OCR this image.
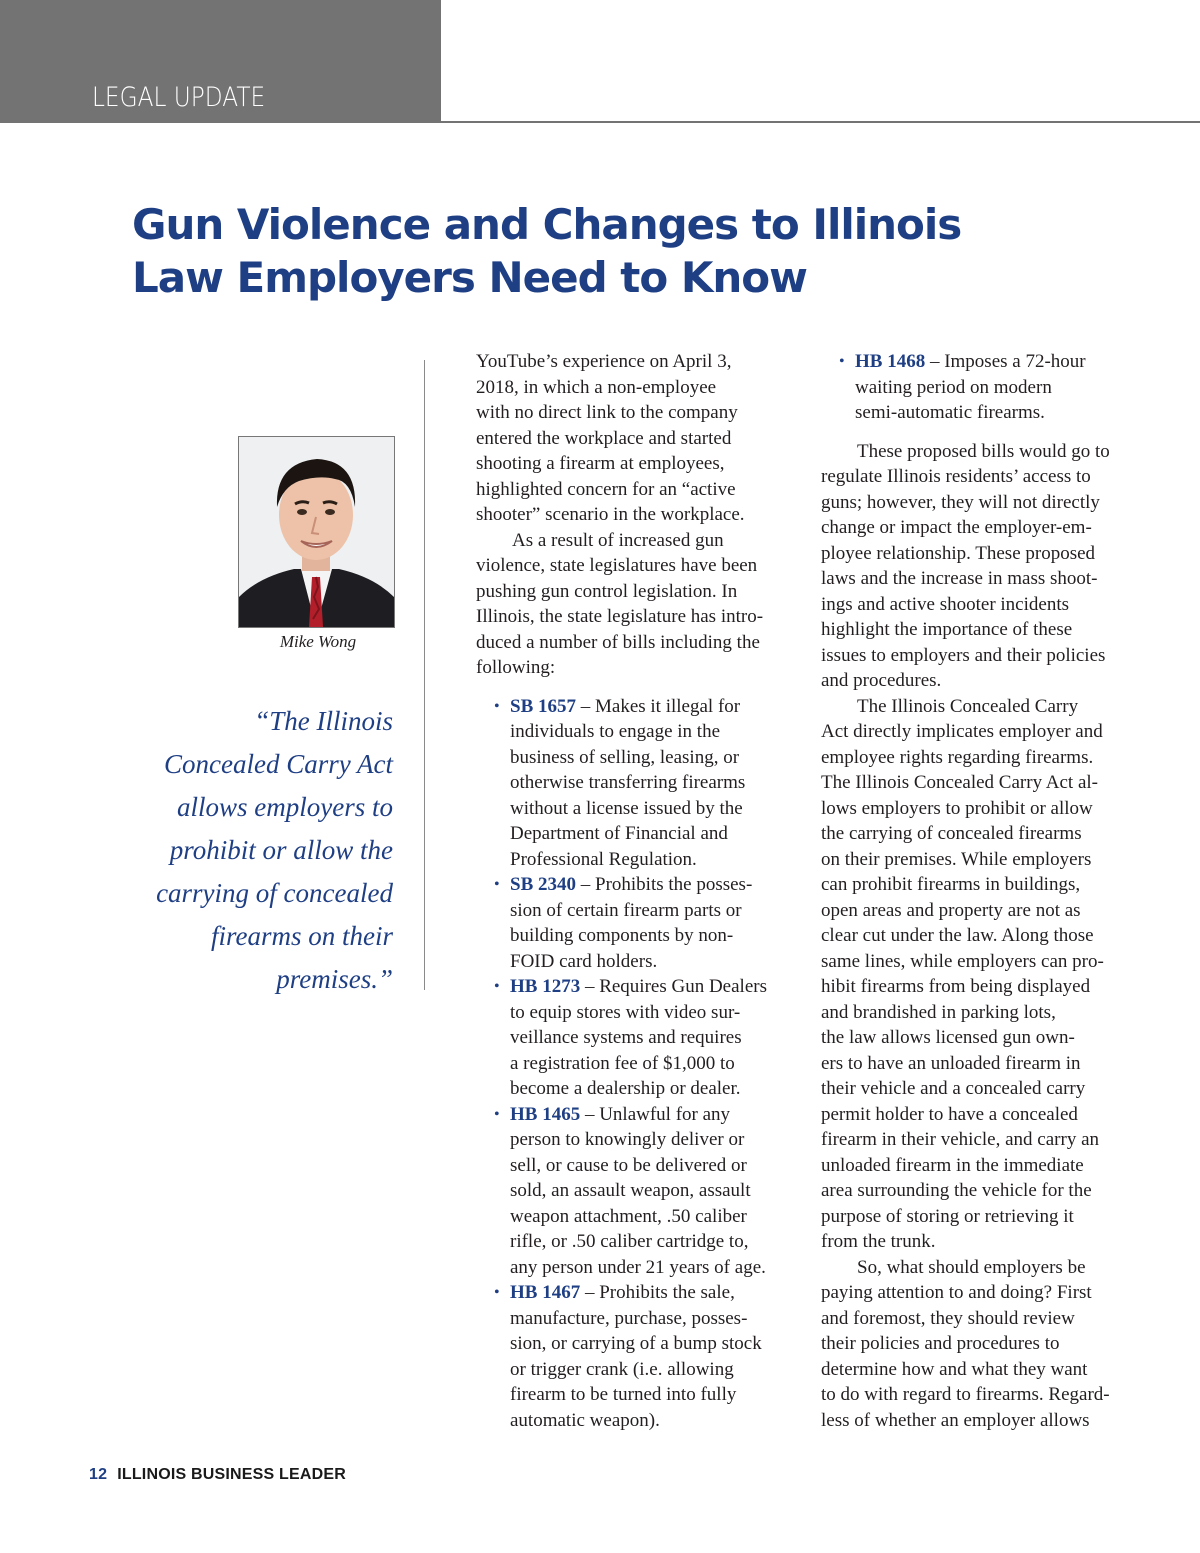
LEGAL UPDATE
Gun Violence and Changes to Illinois
Law Employers Need to Know
Mike Wong
“The Illinois
Concealed Carry Act
allows employers to
prohibit or allow the
carrying of concealed
firearms on their
premises.”

YouTube’s experience on April 3,
2018, in which a non-employee
with no direct link to the company
entered the workplace and started
shooting a firearm at employees,
highlighted concern for an “active
shooter” scenario in the workplace.

As a result of increased gun
violence, state legislatures have been
pushing gun control legislation. In
Illinois, the state legislature has intro-
duced a number of bills including the
following:

• SB 1657 – Makes it illegal for
individuals to engage in the
business of selling, leasing, or
otherwise transferring firearms
without a license issued by the
Department of Financial and
Professional Regulation.
• SB 2340 – Prohibits the posses-
sion of certain firearm parts or
building components by non-
FOID card holders.
• HB 1273 – Requires Gun Dealers
to equip stores with video sur-
veillance systems and requires
a registration fee of $1,000 to
become a dealership or dealer.
• HB 1465 – Unlawful for any
person to knowingly deliver or
sell, or cause to be delivered or
sold, an assault weapon, assault
weapon attachment, .50 caliber
rifle, or .50 caliber cartridge to,
any person under 21 years of age.
• HB 1467 – Prohibits the sale,
manufacture, purchase, posses-
sion, or carrying of a bump stock
or trigger crank (i.e. allowing
firearm to be turned into fully
automatic weapon).
• HB 1468 – Imposes a 72-hour
waiting period on modern
semi-automatic firearms.

These proposed bills would go to
regulate Illinois residents’ access to
guns; however, they will not directly
change or impact the employer-em-
ployee relationship. These proposed
laws and the increase in mass shoot-
ings and active shooter incidents
highlight the importance of these
issues to employers and their policies
and procedures.

The Illinois Concealed Carry
Act directly implicates employer and
employee rights regarding firearms.
The Illinois Concealed Carry Act al-
lows employers to prohibit or allow
the carrying of concealed firearms
on their premises. While employers
can prohibit firearms in buildings,
open areas and property are not as
clear cut under the law. Along those
same lines, while employers can pro-
hibit firearms from being displayed
and brandished in parking lots,
the law allows licensed gun own-
ers to have an unloaded firearm in
their vehicle and a concealed carry
permit holder to have a concealed
firearm in their vehicle, and carry an
unloaded firearm in the immediate
area surrounding the vehicle for the
purpose of storing or retrieving it
from the trunk.

So, what should employers be
paying attention to and doing? First
and foremost, they should review
their policies and procedures to
determine how and what they want
to do with regard to firearms. Regard-
less of whether an employer allows

12 ILLINOIS BUSINESS LEADER
